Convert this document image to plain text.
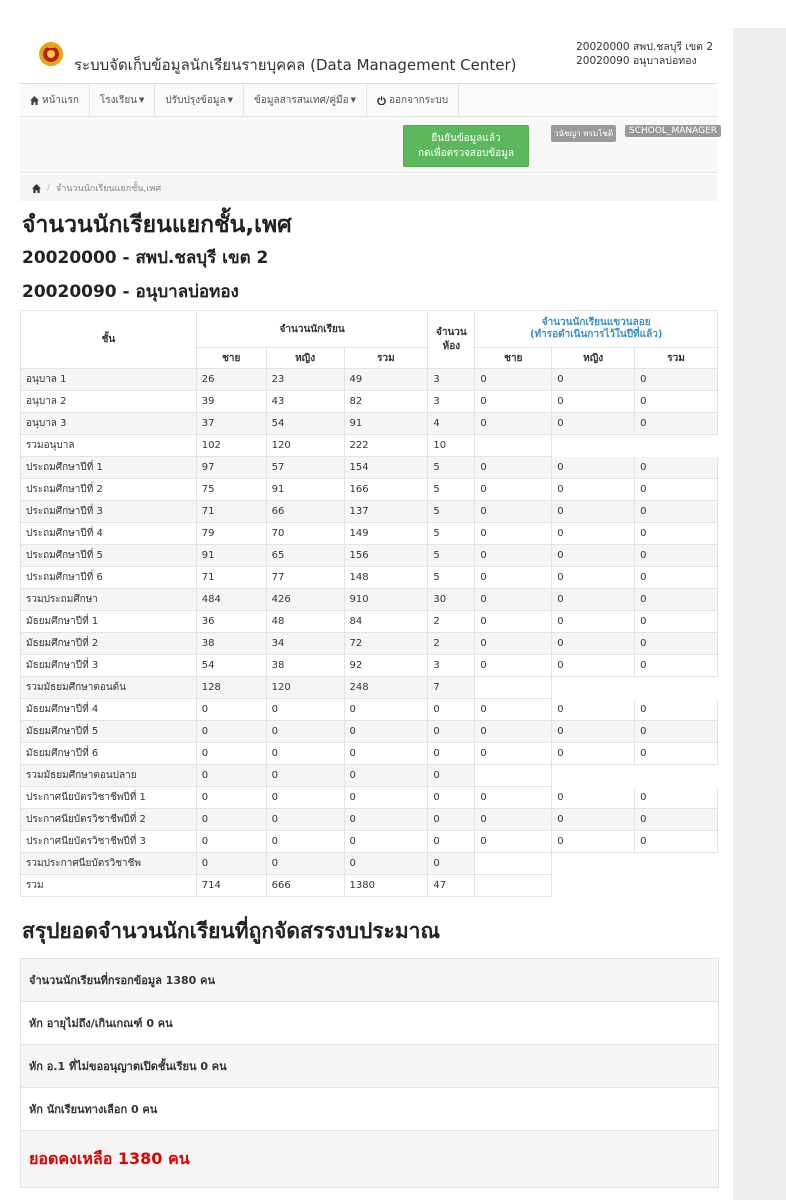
ระบบจัดเก็บข้อมูลนักเรียนรายบุคคล (Data Management Center)
20020000 สพป.ชลบุรี เขต 2
20020090 อนุบาลบ่อทอง
หน้าแรก โรงเรียน ▼ ปรับปรุงข้อมูล ▼ ข้อมูลสารสนเทศ/คู่มือ ▼	ออกจากระบบ
ยืนยันข้อมูลแล้ว
กดเพื่อตรวจสอบข้อมูล
วนัชญา พรมโชติ	SCHOOL_MANAGER
/ จำนวนนักเรียนแยกชั้น,เพศ
จำนวนนักเรียนแยกชั้น,เพศ
20020000 - สพป.ชลบุรี เขต 2
20020090 - อนุบาลบ่อทอง
ชั้น	จำนวนนักเรียน			จำนวนห้อง	จำนวนนักเรียนแขวนลอย
(ทำรอดำเนินการไว้ในปีที่แล้ว)		

	ชาย	หญิง	รวม		ชาย	หญิง	รวม
อนุบาล 1	26	23	49	3	0	0	0
อนุบาล 2	39	43	82	3	0	0	0
อนุบาล 3	37	54	91	4	0	0	0
รวมอนุบาล	102	120	222	10			
ประถมศึกษาปีที่ 1	97	57	154	5	0	0	0
ประถมศึกษาปีที่ 2	75	91	166	5	0	0	0
ประถมศึกษาปีที่ 3	71	66	137	5	0	0	0
ประถมศึกษาปีที่ 4	79	70	149	5	0	0	0
ประถมศึกษาปีที่ 5	91	65	156	5	0	0	0
ประถมศึกษาปีที่ 6	71	77	148	5	0	0	0
รวมประถมศึกษา	484	426	910	30	0	0	0
มัธยมศึกษาปีที่ 1	36	48	84	2	0	0	0
มัธยมศึกษาปีที่ 2	38	34	72	2	0	0	0
มัธยมศึกษาปีที่ 3	54	38	92	3	0	0	0
รวมมัธยมศึกษาตอนต้น	128	120	248	7			
มัธยมศึกษาปีที่ 4	0	0	0	0	0	0	0
มัธยมศึกษาปีที่ 5	0	0	0	0	0	0	0
มัธยมศึกษาปีที่ 6	0	0	0	0	0	0	0
รวมมัธยมศึกษาตอนปลาย	0	0	0	0			
ประกาศนียบัตรวิชาชีพปีที่ 1	0	0	0	0	0	0	0
ประกาศนียบัตรวิชาชีพปีที่ 2	0	0	0	0	0	0	0
ประกาศนียบัตรวิชาชีพปีที่ 3	0	0	0	0	0	0	0
รวมประกาศนียบัตรวิชาชีพ	0	0	0	0			
รวม	714	666	1380	47			
สรุปยอดจำนวนนักเรียนที่ถูกจัดสรรงบประมาณ
จำนวนนักเรียนที่กรอกข้อมูล 1380 คน
หัก อายุไม่ถึง/เกินเกณฑ์ 0 คน
หัก อ.1 ที่ไม่ขออนุญาตเปิดชั้นเรียน 0 คน
หัก นักเรียนทางเลือก 0 คน
ยอดคงเหลือ 1380 คน
